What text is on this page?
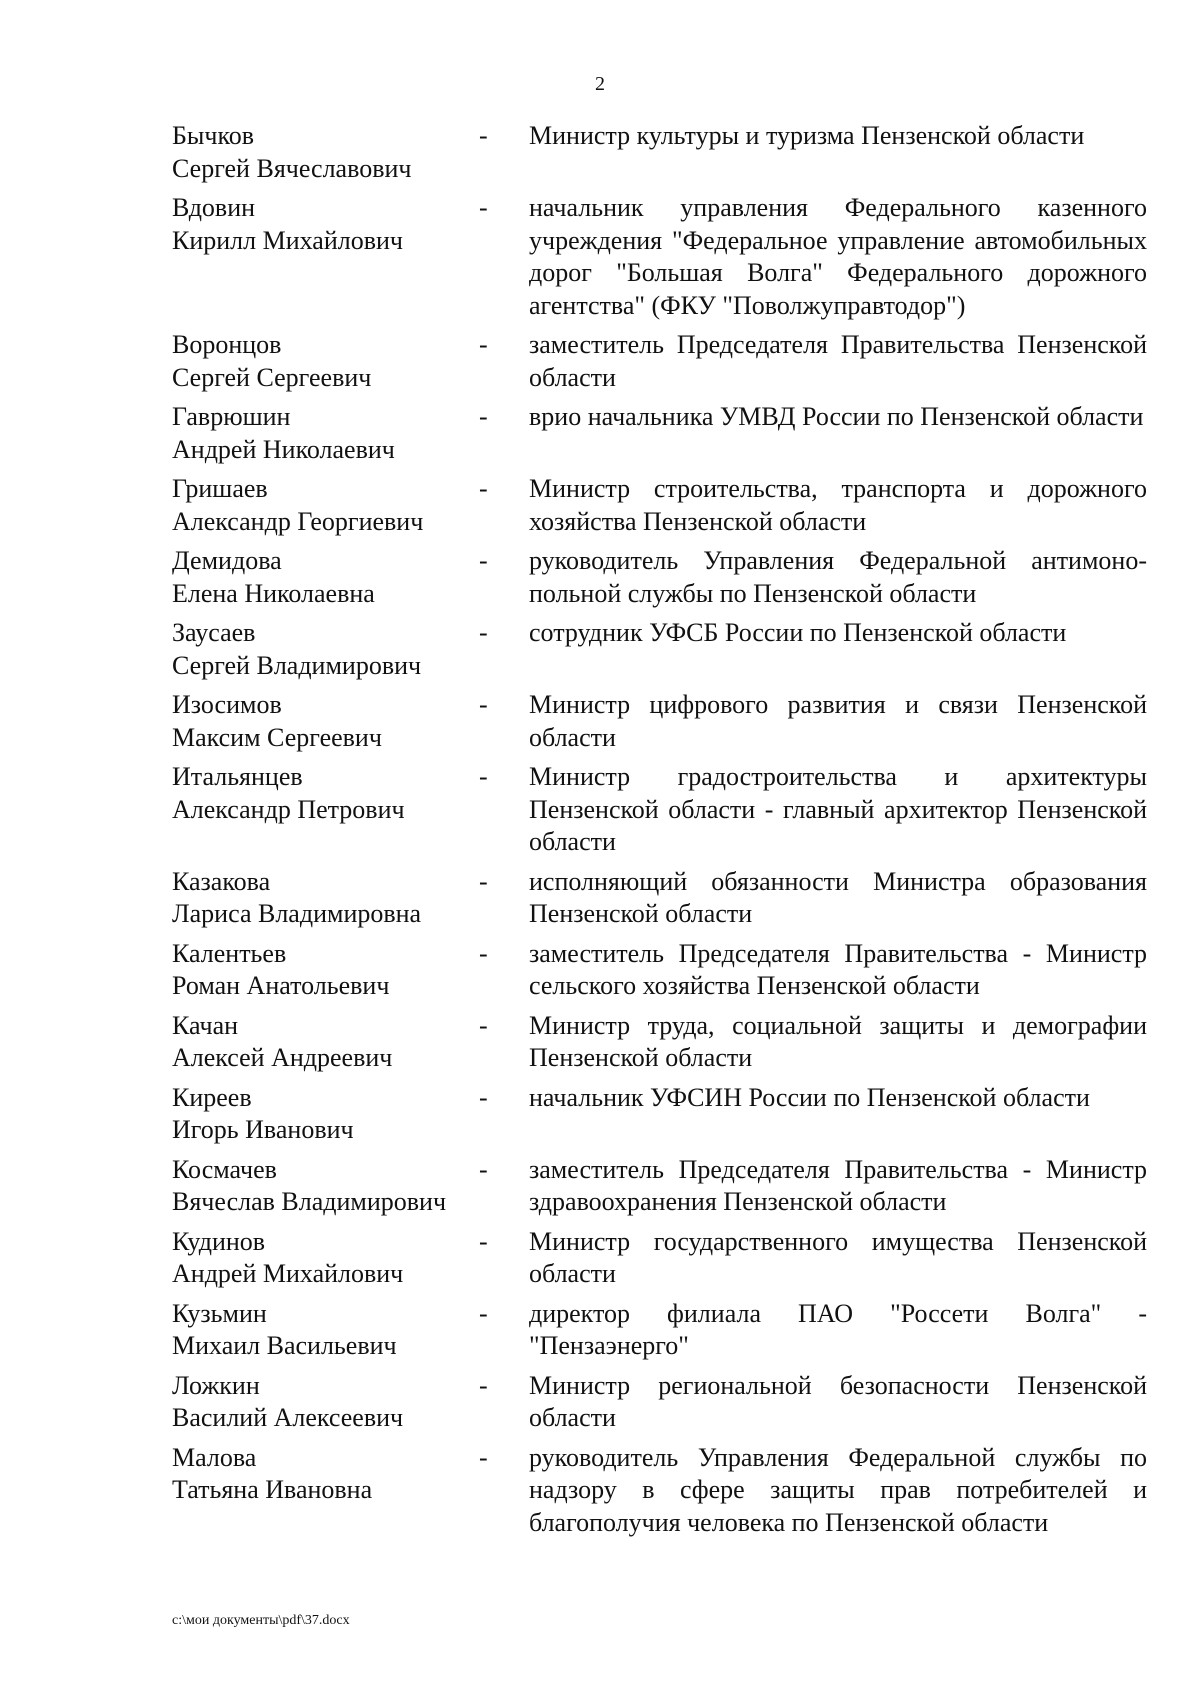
2
Бычков
Сергей Вячеславович
-	Министр культуры и туризма Пензенской области
Вдовин
Кирилл Михайлович
-	начальник управления Федерального казенного учреждения "Федеральное управление автомобильных дорог "Большая Волга" Федерального дорожного агентства" (ФКУ "Поволжуправтодор")
Воронцов
Сергей Сергеевич
-	заместитель Председателя Правительства Пензенской области
Гаврюшин
Андрей Николаевич
-	врио начальника УМВД России по Пензенской области
Гришаев
Александр Георгиевич
-	Министр строительства, транспорта и дорожного хозяйства Пензенской области
Демидова
Елена Николаевна
-	руководитель Управления Федеральной антимоно-польной службы по Пензенской области
Заусаев
Сергей Владимирович
-	сотрудник УФСБ России по Пензенской области
Изосимов
Максим Сергеевич
-	Министр цифрового развития и связи Пензенской области
Итальянцев
Александр Петрович
-	Министр градостроительства и архитектуры Пензенской области - главный архитектор Пензенской области
Казакова
Лариса Владимировна
-	исполняющий обязанности Министра образования Пензенской области
Калентьев
Роман Анатольевич
-	заместитель Председателя Правительства - Министр сельского хозяйства Пензенской области
Качан
Алексей Андреевич
-	Министр труда, социальной защиты и демографии Пензенской области
Киреев
Игорь Иванович
-	начальник УФСИН России по Пензенской области
Космачев
Вячеслав Владимирович
-	заместитель Председателя Правительства - Министр здравоохранения Пензенской области
Кудинов
Андрей Михайлович
-	Министр государственного имущества Пензенской области
Кузьмин
Михаил Васильевич
-	директор филиала ПАО "Россети Волга" - "Пензаэнерго"
Ложкин
Василий Алексеевич
-	Министр региональной безопасности Пензенской области
Малова
Татьяна Ивановна
-	руководитель Управления Федеральной службы по надзору в сфере защиты прав потребителей и благополучия человека по Пензенской области
c:\мои документы\pdf\37.docx
